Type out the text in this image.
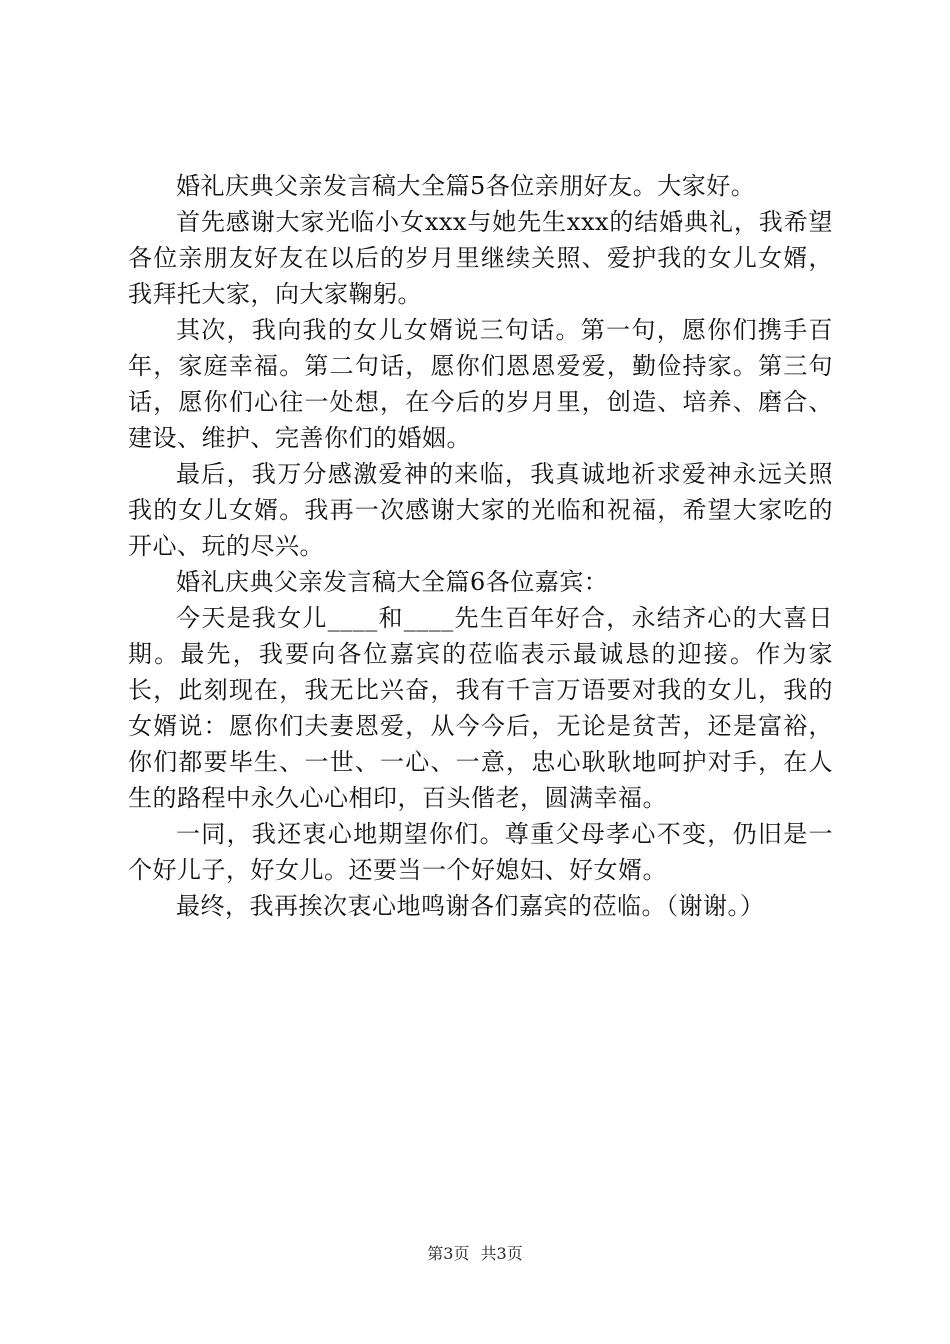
婚礼庆典父亲发言稿大全篇5各位亲朋好友。大家好。

首先感谢大家光临小女xxx与她先生xxx的结婚典礼，我希望各位亲朋友好友在以后的岁月里继续关照、爱护我的女儿女婿，我拜托大家，向大家鞠躬。

其次，我向我的女儿女婿说三句话。第一句，愿你们携手百年，家庭幸福。第二句话，愿你们恩恩爱爱，勤俭持家。第三句话，愿你们心往一处想，在今后的岁月里，创造、培养、磨合、建设、维护、完善你们的婚姻。

最后，我万分感激爱神的来临，我真诚地祈求爱神永远关照我的女儿女婿。我再一次感谢大家的光临和祝福，希望大家吃的开心、玩的尽兴。

婚礼庆典父亲发言稿大全篇6各位嘉宾：

今天是我女儿____和____先生百年好合，永结齐心的大喜日期。最先，我要向各位嘉宾的莅临表示最诚恳的迎接。作为家长，此刻现在，我无比兴奋，我有千言万语要对我的女儿，我的女婿说：愿你们夫妻恩爱，从今今后，无论是贫苦，还是富裕，你们都要毕生、一世、一心、一意，忠心耿耿地呵护对手，在人生的路程中永久心心相印，百头偕老，圆满幸福。

一同，我还衷心地期望你们。尊重父母孝心不变，仍旧是一个好儿子，好女儿。还要当一个好媳妇、好女婿。

最终，我再挨次衷心地鸣谢各们嘉宾的莅临。（谢谢。）

第3页 共3页
